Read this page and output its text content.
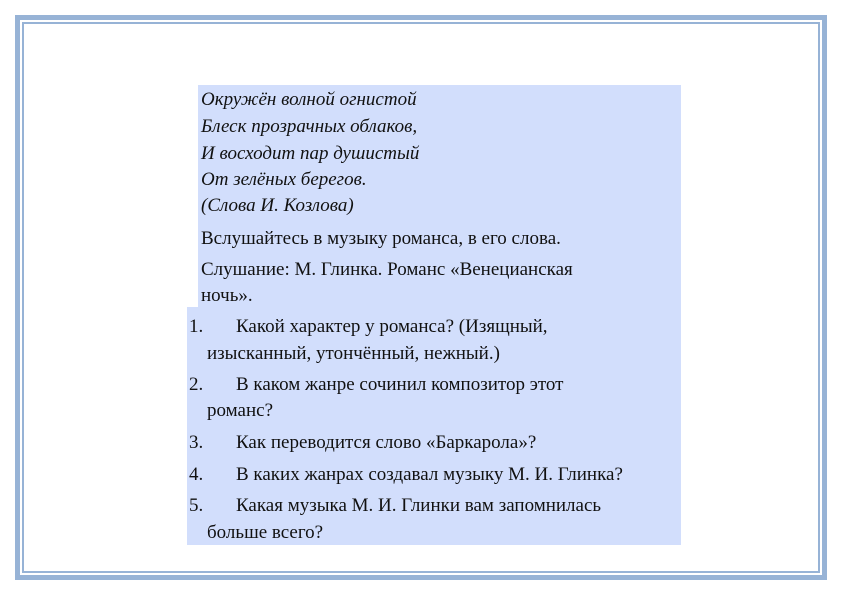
Окружён волной огнистой
Блеск прозрачных облаков,
И восходит пар душистый
От зелёных берегов.
(Слова И. Козлова)
Вслушайтесь в музыку романса, в его слова.
Слушание: М. Глинка. Романс «Венецианская
ночь».
1. Какой характер у романса? (Изящный,
изысканный, утончённый, нежный.)
2. В каком жанре сочинил композитор этот
романс?
3. Как переводится слово «Баркарола»?
4. В каких жанрах создавал музыку М. И. Глинка?
5. Какая музыка М. И. Глинки вам запомнилась
больше всего?
